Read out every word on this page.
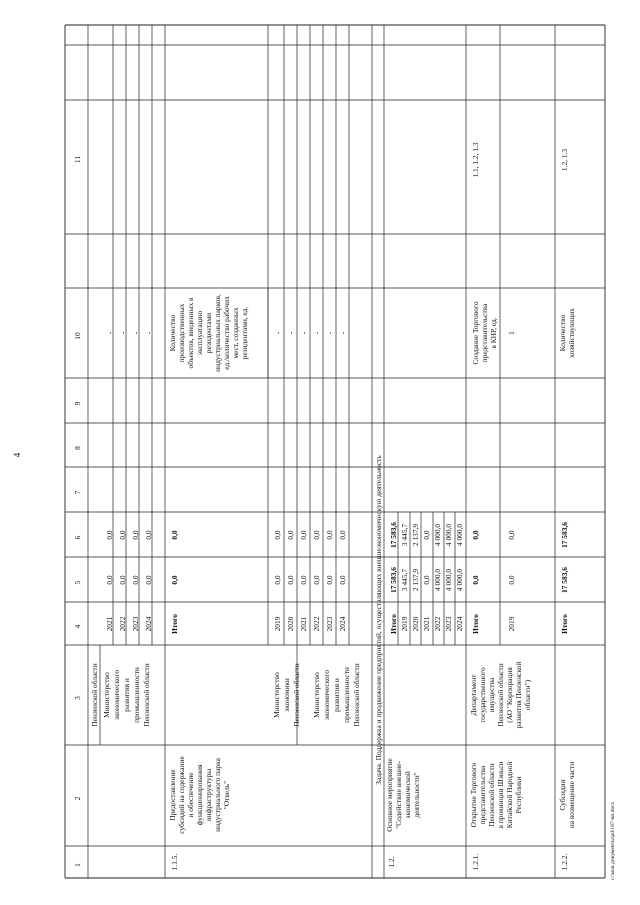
4
c:\мои документы\pd\187-нп.docx
1
2
3
4
5
6
7
8
9
10
11
Пензенской области Министерство экономического развития и промышленности Пензенской области
2021
0,0
0,0
-
2022
0,0
0,0
-
2023
0,0
0,0
-
2024
0,0
0,0
-
1.1.5.
Предоставление субсидий на содержание и обеспечение функционирования инфраструктуры индустриального парка "Отвель"
Итого
0,0
0,0
Количество производственных объектов, введенных в эксплуатацию резидентами индустриальных парков, ед./количество рабочих мест, созданных резидентами, ед.
Министерство экономики Пензенской области Министерство экономического развития и промышленности Пензенской области
2019
0,0
0,0
-
2020
0,0
0,0
-
2021
0,0
0,0
-
2022
0,0
0,0
-
2023
0,0
0,0
-
2024
0,0
0,0
-
Задача. Поддержка и продвижение предприятий, осуществляющих внешнеэкономическую деятельность
1.2.
Основное мероприятие "Содействие внешне- экономической деятельности"
Итого
17 583,6
17 583,6
2019
3 445,7
3 445,7
2020
2 137,9
2 137,9
2021
0,0
0,0
2022
4 000,0
4 000,0
2023
4 000,0
4 000,0
2024
4 000,0
4 000,0
1.2.1.
Открытие Торгового представительства Пензенской области в провинции Шэньси Китайской Народной Республики
Департамент государственного имущества Пензенской области (АО "Корпорация развития Пензенской области")
Итого
0,0
0,0
2019
0,0
0,0
Создание Торгового представительства в КНР, ед. 1
1.1, 1.2, 1.3
1.2.2.
Субсидии на возмещение части
Итого
17 583,6
17 583,6
Количество хозяйствующих
1.2, 1.3
